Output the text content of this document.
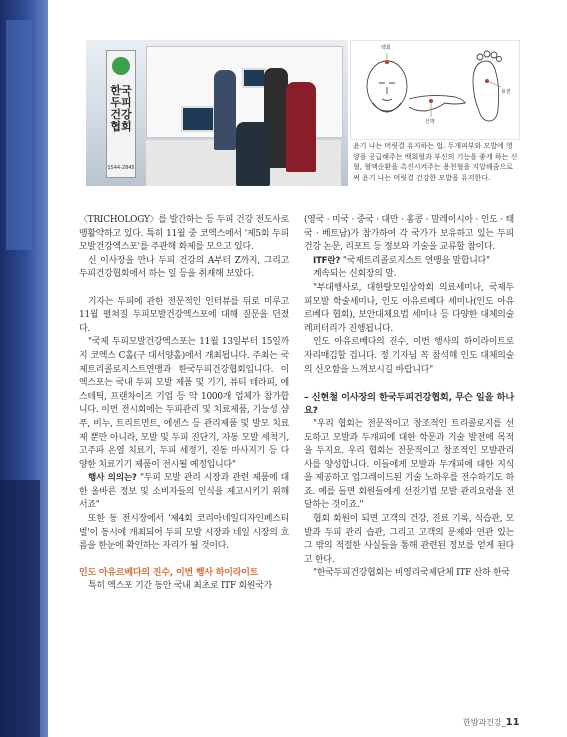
한국두피건강협회
1544-2845
백회
신맥
용천
윤기 나는 머릿결 유지하는 법. 두개피부와 모발에 영양을 공급해주는 백회혈과 부신의 기능을 좋게 하는 신혈, 혈액순환을 촉진시켜주는 용천혈을 지압해줌으로써 윤기 나는 머릿결 건강한 모발을 유지한다.

〈TRICHOLOGY〉를 발간하는 등 두피 건강 전도사로 맹활약하고 있다. 특히 11월 중 코엑스에서 '제5회 두피모발건강엑스포'를 주관해 화제를 모으고 있다.

신 이사장을 만나 두피 건강의 A부터 Z까지, 그리고 두피건강협회에서 하는 일 등을 취재해 보았다.

기자는 두피에 관한 전문적인 인터뷰를 뒤로 미루고 11월 펼쳐질 두피모발건강엑스포에 대해 질문을 던졌다.

"국제 두피모발건강엑스포는 11월 13일부터 15일까지 코엑스 C홀(구 대서양홀)에서 개최됩니다. 주최는 국제트리콜로지스트연맹과 한국두피건강협회입니다. 이 엑스포는 국내 두피 모발 제품 및 기기, 뷰티 테라피, 에스테틱, 프랜차이즈 기업 등 약 1000개 업체가 참가합니다. 이번 전시회에는 두피관리 및 치료제품, 기능성 샴푸, 비누, 트리트먼트, 에센스 등 관리제품 및 발모 치료제 뿐만 아니라, 모발 및 두피 진단기, 자동 모발 세척기, 고주파 온열 치료기, 두피 세정기, 진동 마사지기 등 다양한 치료기기 제품이 전시될 예정입니다"

행사 의의는? "두피 모발 관리 시장과 관련 제품에 대한 올바른 정보 및 소비자들의 인식을 제고시키기 위해서죠"

또한 동 전시장에서 '제4회 코리아네일디자인페스티벌'이 동시에 개최되어 두피 모발 시장과 네일 시장의 흐름을 한눈에 확인하는 자리가 될 것이다.

인도 아유르베다의 진수, 이번 행사 하이라이트

특히 엑스포 기간 동안 국내 최초로 ITF 회원국가

(영국 · 미국 · 중국 · 대만 · 홍콩 · 말레이시아 · 인도 · 태국 · 베트남)가 참가하여 각 국가가 보유하고 있는 두피건강 논문, 리포트 등 정보와 기술을 교류할 참이다.

ITF란? "국제트리콜로지스트 연맹을 말합니다"

계속되는 신회장의 말.

"부대행사로, 대한탈모임상학회 의료세미나, 국제두피모발 학술세미나, 인도 아유르베다 세미나(인도 아유르베다 협회), 보안대체요법 세미나 등 다양한 대체의술 레퍼터리가 진행됩니다.

인도 아유르베다의 진수, 이번 행사의 하이라이트로 자리매김할 겁니다. 정 기자님 꼭 참석해 인도 대체의술의 신오함을 느껴보시길 바랍니다"

– 신현철 이사장의 한국두피건강협회, 무슨 일을 하나요?

"우리 협회는 전문적이고 창조적인 트리콜로지를 선도하고 모발과 두개피에 대한 학문과 기술 발전에 목적을 두지요. 우리 협회는 전문적이고 창조적인 모발관리사를 양성합니다. 이들에게 모발과 두개피에 대한 지식을 제공하고 업그레이드된 기술 노하우를 전수하기도 하죠. 예를 들면 회원들에게 선진기법 모발 관리요령을 전달하는 것이죠."

협회 회원이 되면 고객의 건강, 진료 기록, 식습관, 모발과 두피 관리 습관, 그리고 고객의 문제와 연관 있는 그 밖의 적절한 사실들을 통해 관련된 정보를 얻게 된다고 한다.

"한국두피건강협회는 비영리국제단체 ITF 산하 한국

한방과건강_11
